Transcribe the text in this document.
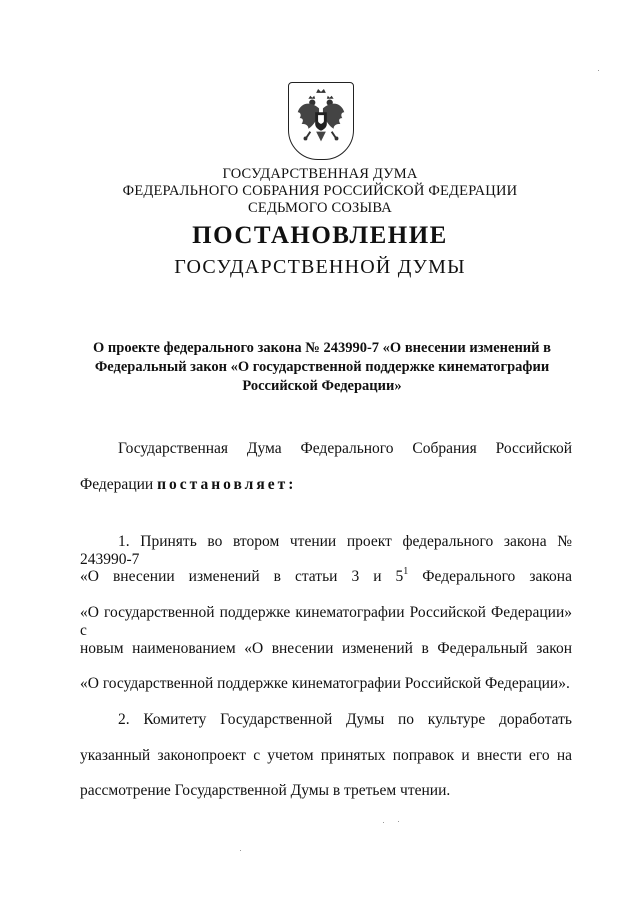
ГОСУДАРСТВЕННАЯ ДУМА
ФЕДЕРАЛЬНОГО СОБРАНИЯ РОССИЙСКОЙ ФЕДЕРАЦИИ
СЕДЬМОГО СОЗЫВА
ПОСТАНОВЛЕНИЕ
ГОСУДАРСТВЕННОЙ ДУМЫ
О проекте федерального закона № 243990-7 «О внесении изменений в
Федеральный закон «О государственной поддержке кинематографии
Российской Федерации»
Государственная Дума Федерального Собрания Российской
Федерации постановляет:
1. Принять во втором чтении проект федерального закона № 243990-7
«О внесении изменений в статьи 3 и $5^1$ Федерального закона
«О государственной поддержке кинематографии Российской Федерации» с
новым наименованием «О внесении изменений в Федеральный закон
«О государственной поддержке кинематографии Российской Федерации».
2. Комитету Государственной Думы по культуре доработать
указанный законопроект с учетом принятых поправок и внести его на
рассмотрение Государственной Думы в третьем чтении.
